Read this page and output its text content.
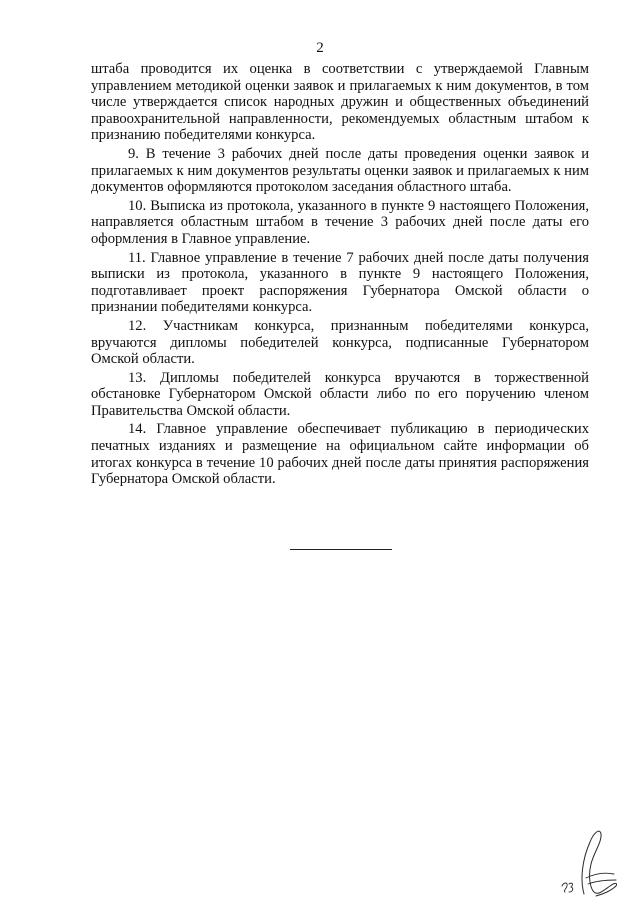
2

штаба проводится их оценка в соответствии с утверждаемой Главным управлением методикой оценки заявок и прилагаемых к ним документов, в том числе утверждается список народных дружин и общественных объединений правоохранительной направленности, рекомендуемых областным штабом к признанию победителями конкурса.

9. В течение 3 рабочих дней после даты проведения оценки заявок и прилагаемых к ним документов результаты оценки заявок и прилагаемых к ним документов оформляются протоколом заседания областного штаба.

10. Выписка из протокола, указанного в пункте 9 настоящего Положения, направляется областным штабом в течение 3 рабочих дней после даты его оформления в Главное управление.

11. Главное управление в течение 7 рабочих дней после даты получения выписки из протокола, указанного в пункте 9 настоящего Положения, подготавливает проект распоряжения Губернатора Омской области о признании победителями конкурса.

12. Участникам конкурса, признанным победителями конкурса, вручаются дипломы победителей конкурса, подписанные Губернатором Омской области.

13. Дипломы победителей конкурса вручаются в торжественной обстановке Губернатором Омской области либо по его поручению членом Правительства Омской области.

14. Главное управление обеспечивает публикацию в периодических печатных изданиях и размещение на официальном сайте информации об итогах конкурса в течение 10 рабочих дней после даты принятия распоряжения Губернатора Омской области.
